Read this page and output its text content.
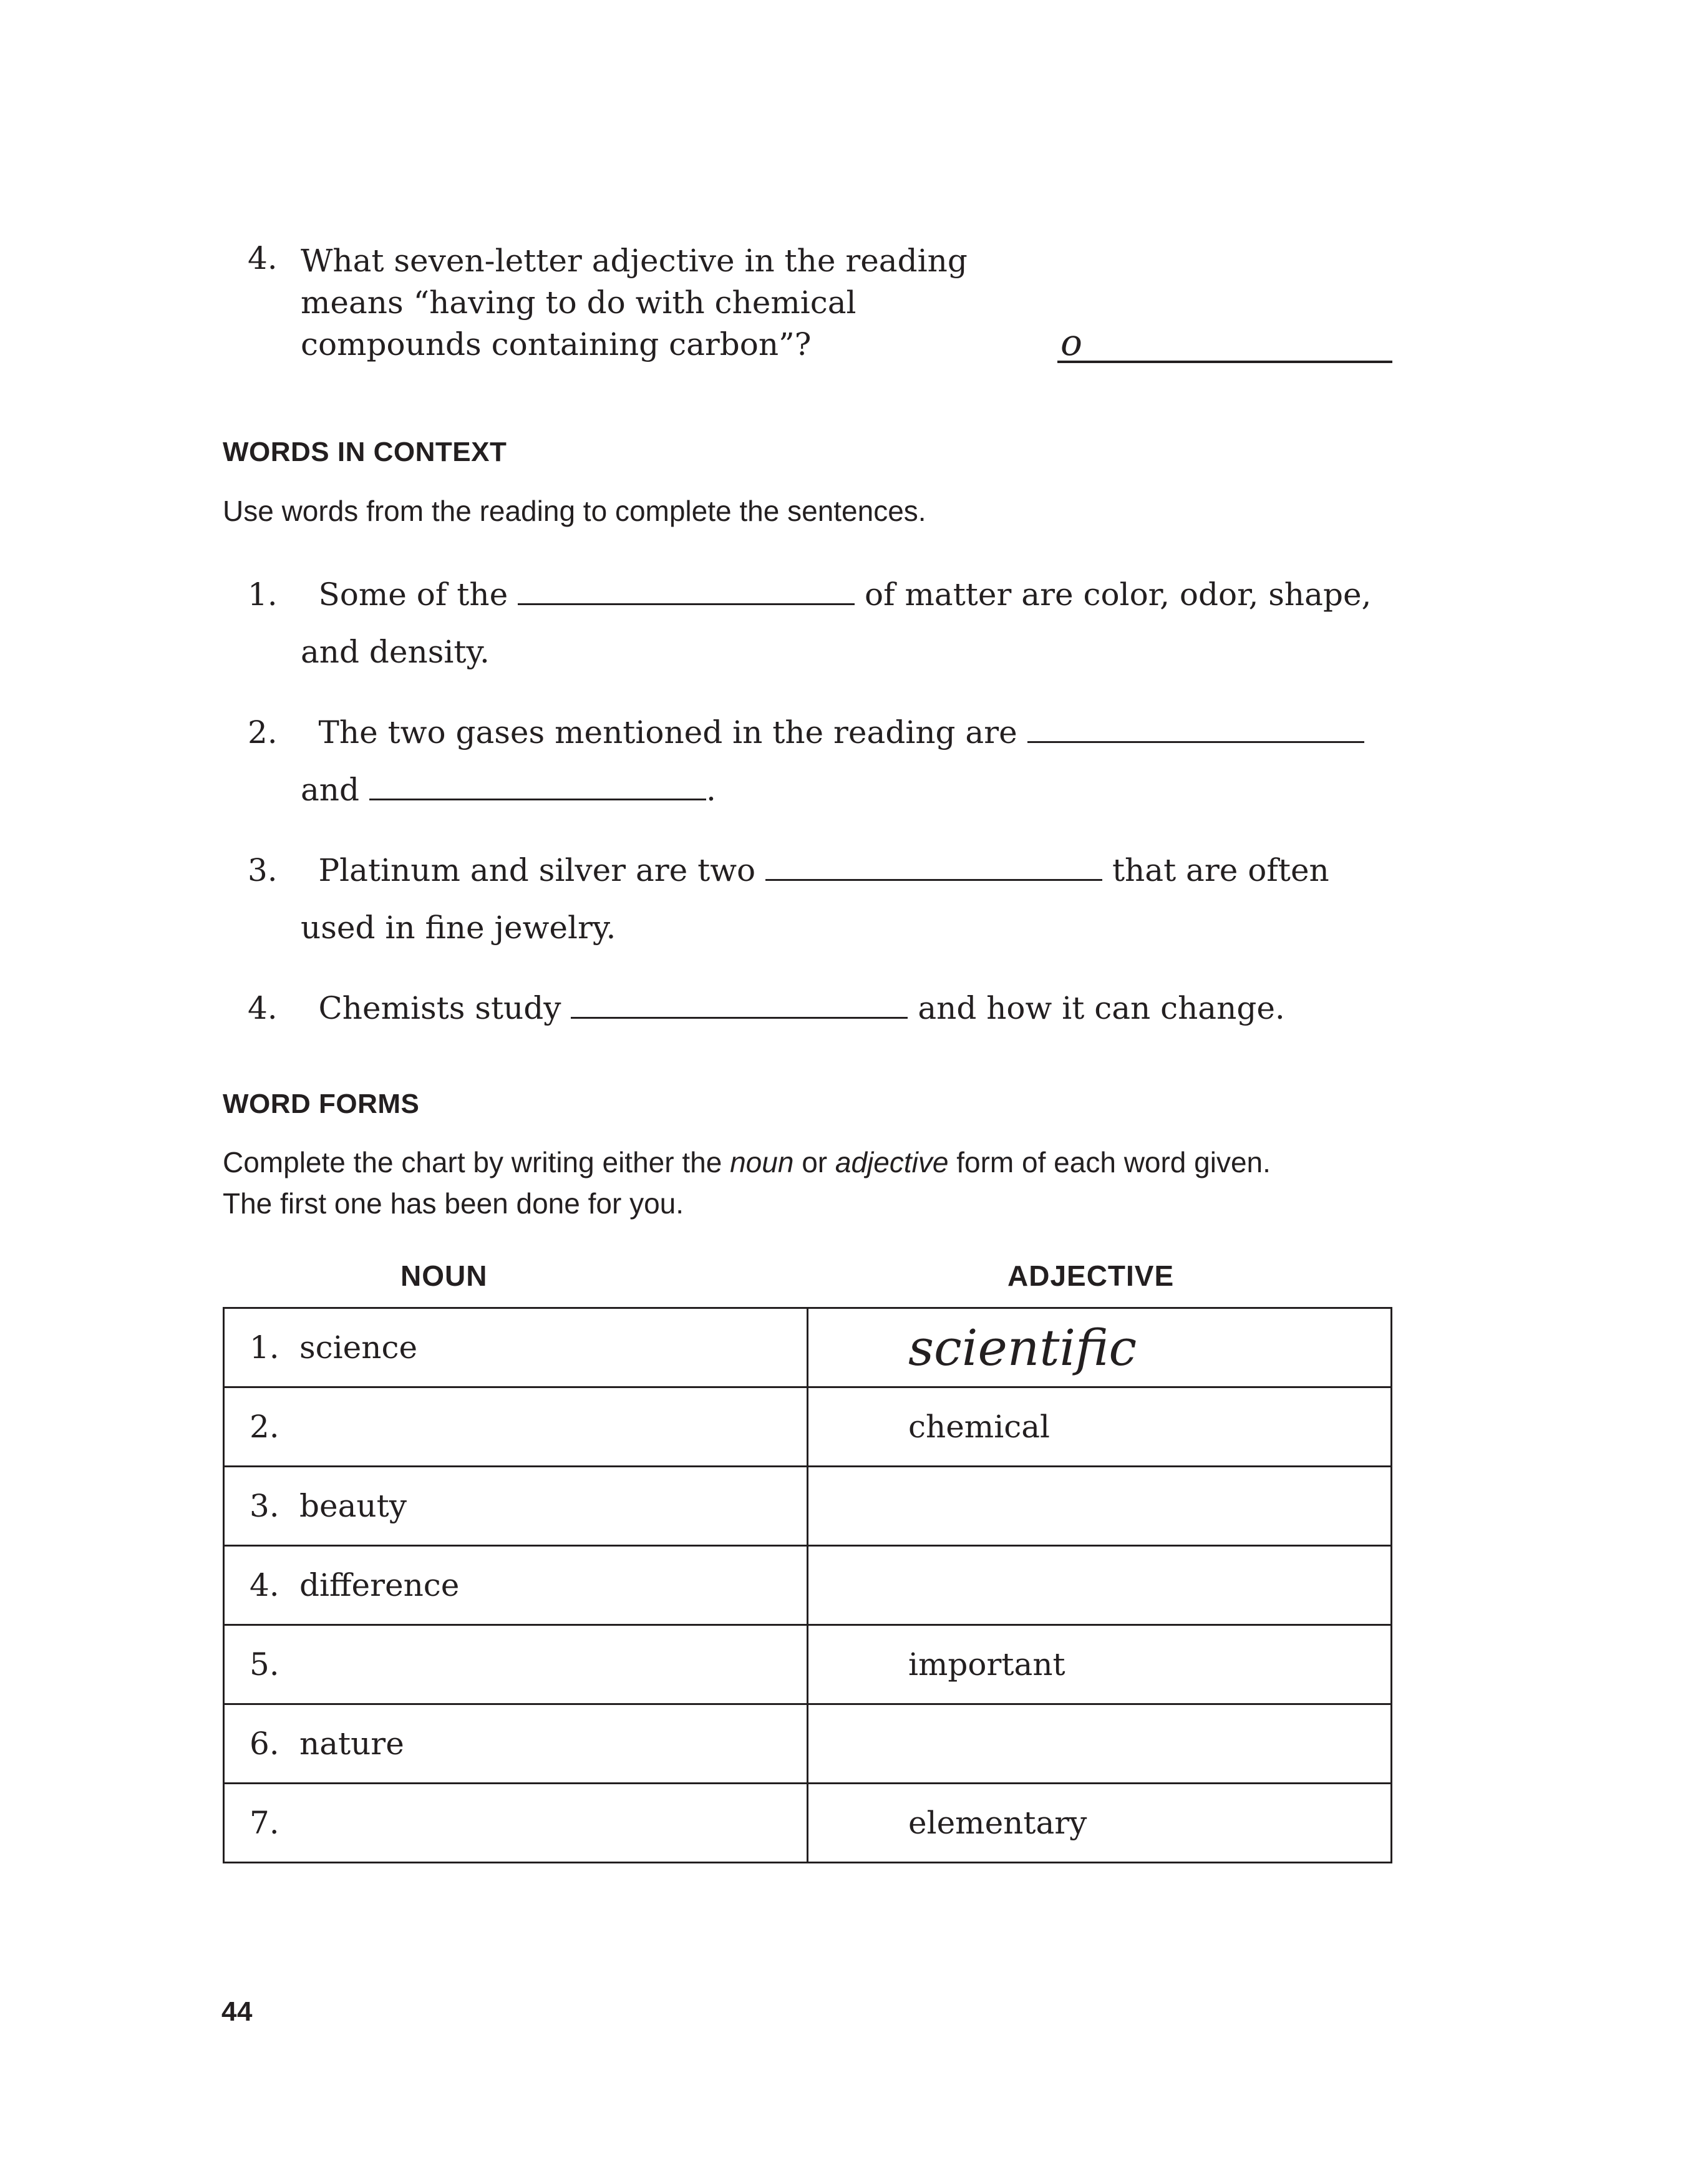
4. What seven-letter adjective in the reading
means “having to do with chemical
compounds containing carbon”?	o
WORDS IN CONTEXT
Use words from the reading to complete the sentences.
1. Some of the	of matter are color, odor, shape,
and density.
2. The two gases mentioned in the reading are
and	.
3. Platinum and silver are two	that are often
used in fine jewelry.
4. Chemists study	and how it can change.
WORD FORMS
Complete the chart by writing either the noun or adjective form of each word given.
The first one has been done for you.
NOUN	ADJECTIVE
1. science	scientific
2.	chemical
3. beauty	
4. difference	
5.	important
6. nature	
7.	elementary
44
